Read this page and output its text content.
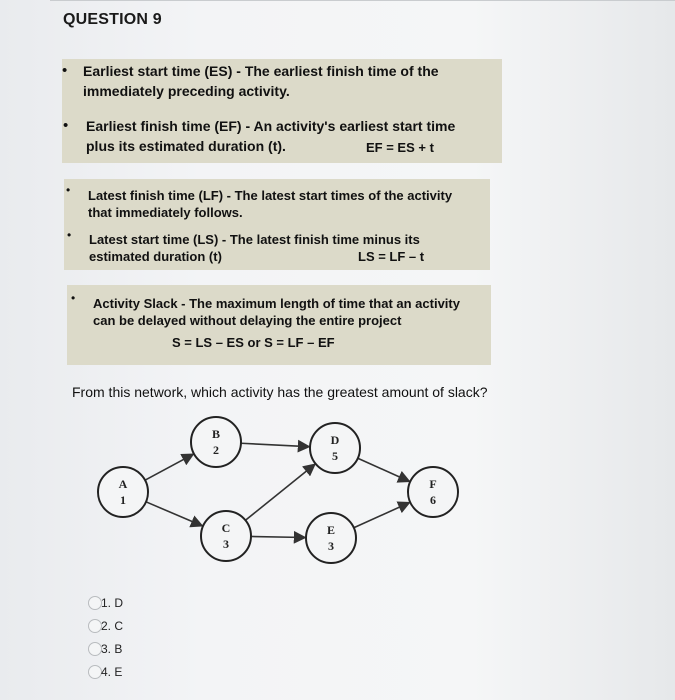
QUESTION 9
• Earliest start time (ES) - The earliest finish time of the
immediately preceding activity.
• Earliest finish time (EF) - An activity's earliest start time
plus its estimated duration (t).	EF = ES + t
• Latest finish time (LF) - The latest start times of the activity
that immediately follows.
• Latest start time (LS) - The latest finish time minus its
estimated duration (t)	LS = LF – t
• Activity Slack - The maximum length of time that an activity
can be delayed without delaying the entire project
S = LS – ES or S = LF – EF
From this network, which activity has the greatest amount of slack?
A
1
B
2
C
3
D
5
E
3
F
6
1. D
2. C
3. B
4. E
